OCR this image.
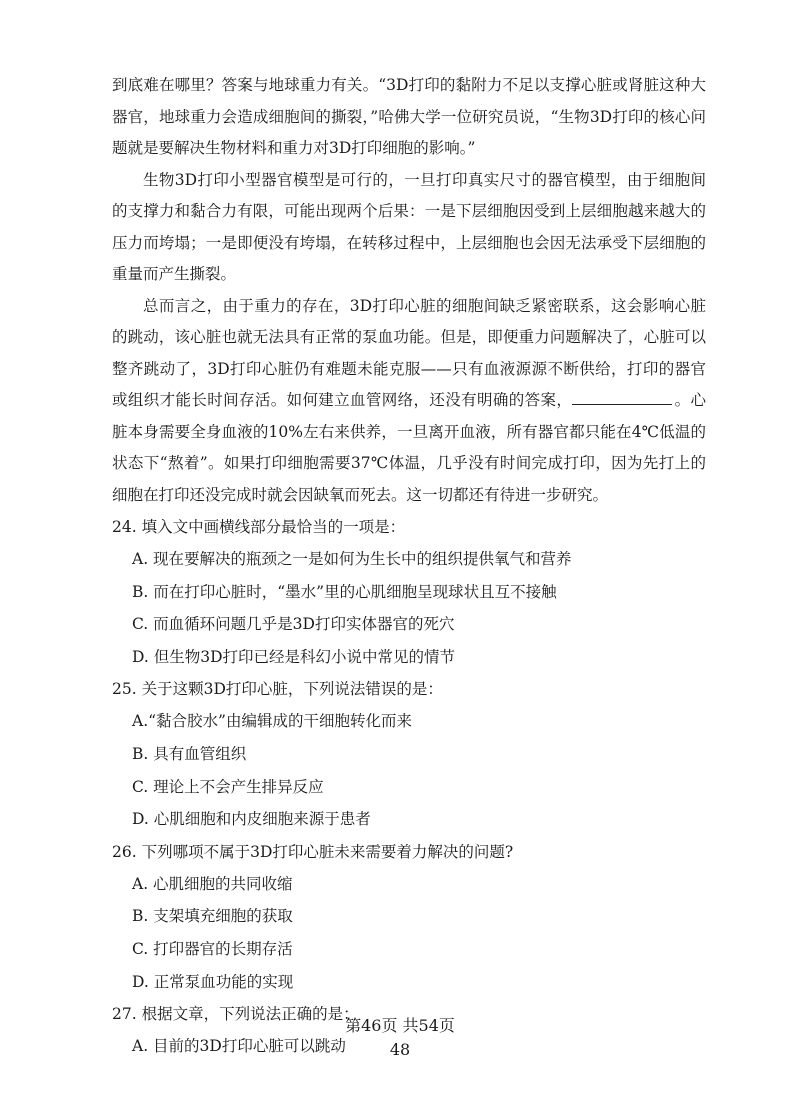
到底难在哪里？答案与地球重力有关。“3D打印的黏附力不足以支撑心脏或肾脏这种大器官，地球重力会造成细胞间的撕裂，”哈佛大学一位研究员说，“生物3D打印的核心问题就是要解决生物材料和重力对3D打印细胞的影响。”

生物3D打印小型器官模型是可行的，一旦打印真实尺寸的器官模型，由于细胞间的支撑力和黏合力有限，可能出现两个后果：一是下层细胞因受到上层细胞越来越大的压力而垮塌；一是即便没有垮塌，在转移过程中，上层细胞也会因无法承受下层细胞的重量而产生撕裂。

总而言之，由于重力的存在，3D打印心脏的细胞间缺乏紧密联系，这会影响心脏的跳动，该心脏也就无法具有正常的泵血功能。但是，即便重力问题解决了，心脏可以整齐跳动了，3D打印心脏仍有难题未能克服——只有血液源源不断供给，打印的器官或组织才能长时间存活。如何建立血管网络，还没有明确的答案，	。心脏本身需要全身血液的10%左右来供养，一旦离开血液，所有器官都只能在4℃低温的状态下“熬着”。如果打印细胞需要37℃体温，几乎没有时间完成打印，因为先打上的细胞在打印还没完成时就会因缺氧而死去。这一切都还有待进一步研究。

24. 填入文中画横线部分最恰当的一项是：

A. 现在要解决的瓶颈之一是如何为生长中的组织提供氧气和营养

B. 而在打印心脏时，“墨水”里的心肌细胞呈现球状且互不接触

C. 而血循环问题几乎是3D打印实体器官的死穴

D. 但生物3D打印已经是科幻小说中常见的情节

25. 关于这颗3D打印心脏，下列说法错误的是：

A.“黏合胶水”由编辑成的干细胞转化而来

B. 具有血管组织

C. 理论上不会产生排异反应

D. 心肌细胞和内皮细胞来源于患者

26. 下列哪项不属于3D打印心脏未来需要着力解决的问题?

A. 心肌细胞的共同收缩

B. 支架填充细胞的获取

C. 打印器官的长期存活

D. 正常泵血功能的实现

27. 根据文章，下列说法正确的是：

A. 目前的3D打印心脏可以跳动

第46页 共54页
48
